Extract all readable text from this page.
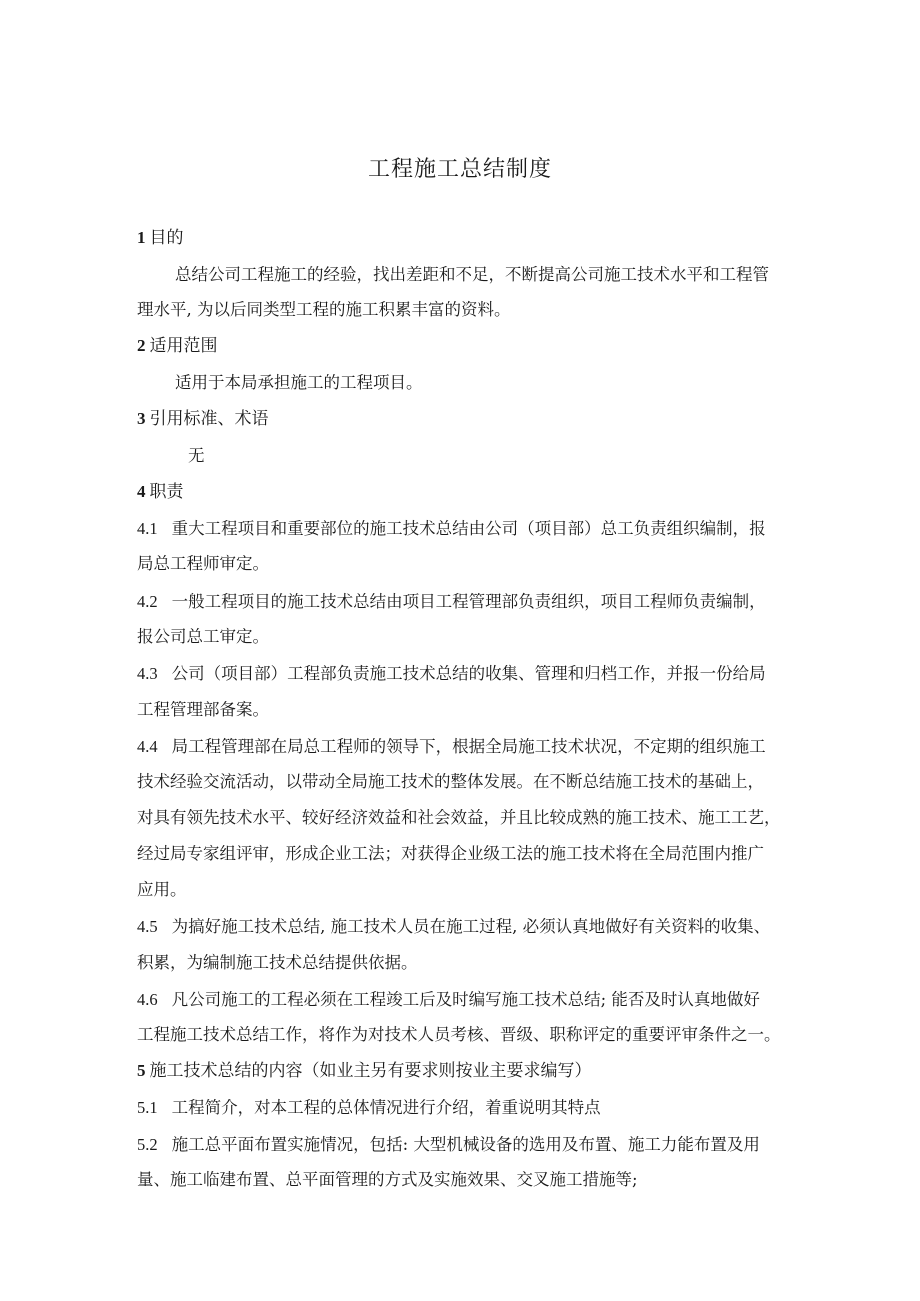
工程施工总结制度
1 目的
总结公司工程施工的经验，找出差距和不足，不断提高公司施工技术水平和工程管
理水平, 为以后同类型工程的施工积累丰富的资料。
2 适用范围
适用于本局承担施工的工程项目。
3 引用标准、术语
无
4 职责
4.1 重大工程项目和重要部位的施工技术总结由公司（项目部）总工负责组织编制，报
局总工程师审定。
4.2 一般工程项目的施工技术总结由项目工程管理部负责组织，项目工程师负责编制，
报公司总工审定。
4.3 公司（项目部）工程部负责施工技术总结的收集、管理和归档工作，并报一份给局
工程管理部备案。
4.4 局工程管理部在局总工程师的领导下，根据全局施工技术状况，不定期的组织施工
技术经验交流活动，以带动全局施工技术的整体发展。在不断总结施工技术的基础上，
对具有领先技术水平、较好经济效益和社会效益，并且比较成熟的施工技术、施工工艺，
经过局专家组评审，形成企业工法；对获得企业级工法的施工技术将在全局范围内推广
应用。
4.5 为搞好施工技术总结, 施工技术人员在施工过程, 必须认真地做好有关资料的收集、
积累，为编制施工技术总结提供依据。
4.6 凡公司施工的工程必须在工程竣工后及时编写施工技术总结; 能否及时认真地做好
工程施工技术总结工作，将作为对技术人员考核、晋级、职称评定的重要评审条件之一。
5 施工技术总结的内容（如业主另有要求则按业主要求编写）
5.1 工程简介，对本工程的总体情况进行介绍，着重说明其特点
5.2 施工总平面布置实施情况，包括: 大型机械设备的选用及布置、施工力能布置及用
量、施工临建布置、总平面管理的方式及实施效果、交叉施工措施等;
